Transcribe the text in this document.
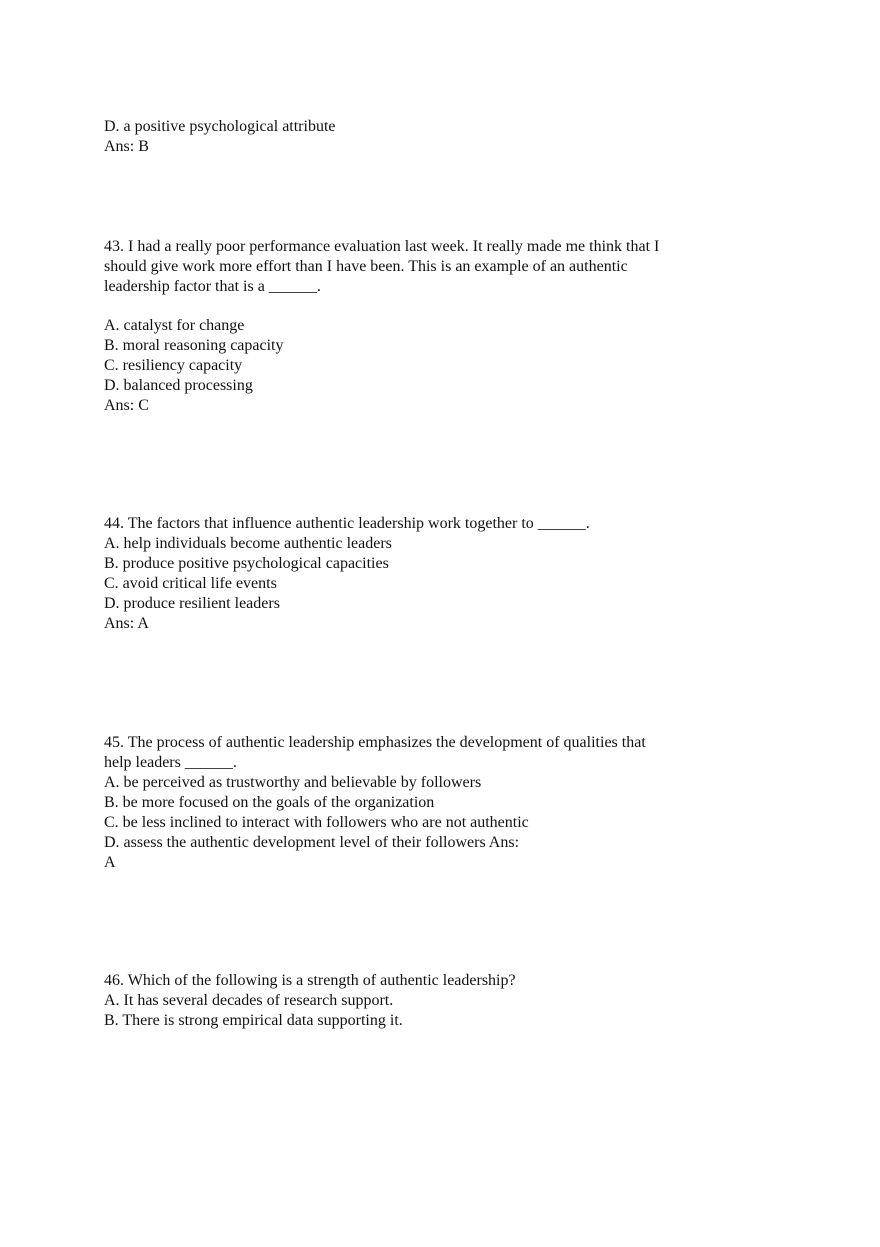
D. a positive psychological attribute
Ans: B
43. I had a really poor performance evaluation last week. It really made me think that I
should give work more effort than I have been. This is an example of an authentic
leadership factor that is a ______.
A. catalyst for change
B. moral reasoning capacity
C. resiliency capacity
D. balanced processing
Ans: C
44. The factors that influence authentic leadership work together to ______.
A. help individuals become authentic leaders
B. produce positive psychological capacities
C. avoid critical life events
D. produce resilient leaders
Ans: A
45. The process of authentic leadership emphasizes the development of qualities that
help leaders ______.
A. be perceived as trustworthy and believable by followers
B. be more focused on the goals of the organization
C. be less inclined to interact with followers who are not authentic
D. assess the authentic development level of their followers Ans:
A
46. Which of the following is a strength of authentic leadership?
A. It has several decades of research support.
B. There is strong empirical data supporting it.
